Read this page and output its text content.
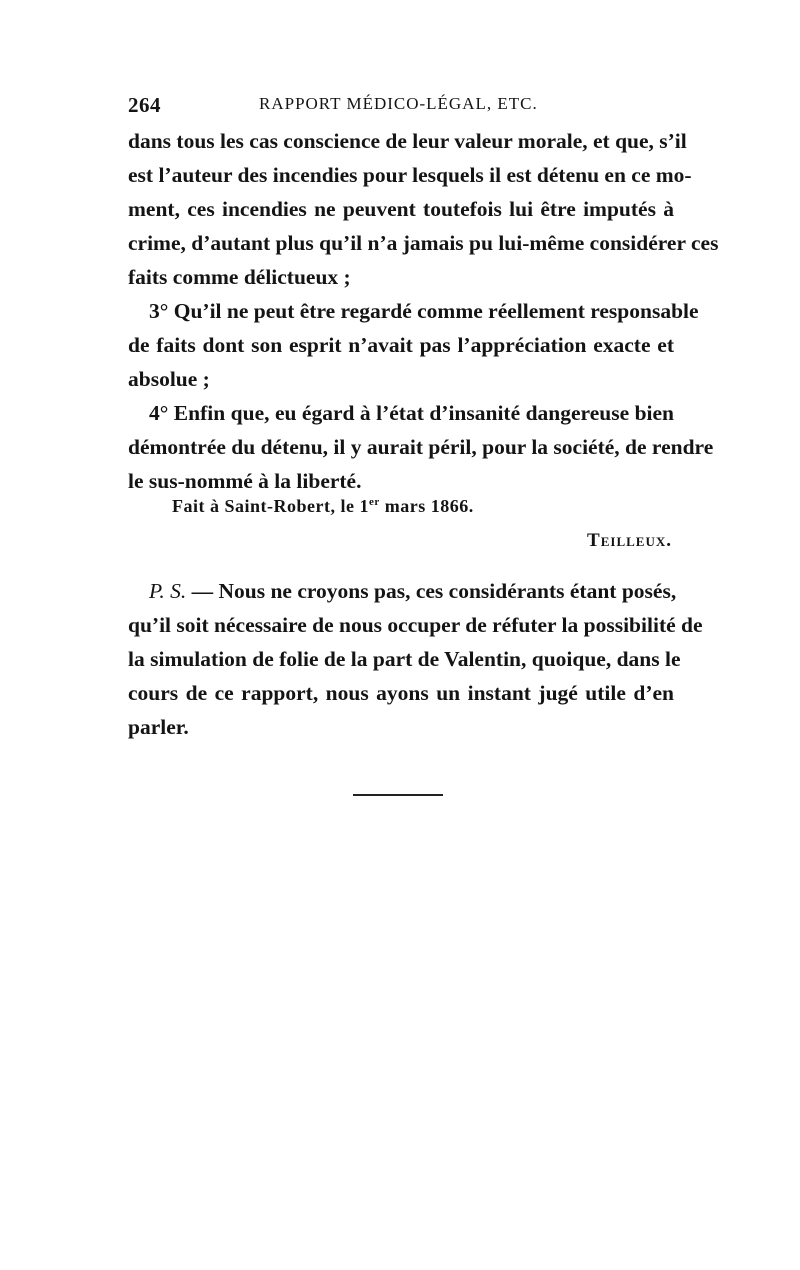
264	RAPPORT MÉDICO-LÉGAL, ETC.
dans tous les cas conscience de leur valeur morale, et que, s’il
est l’auteur des incendies pour lesquels il est détenu en ce mo-
ment, ces incendies ne peuvent toutefois lui être imputés à
crime, d’autant plus qu’il n’a jamais pu lui-même considérer ces
faits comme délictueux ;
3° Qu’il ne peut être regardé comme réellement responsable
de faits dont son esprit n’avait pas l’appréciation exacte et
absolue ;
4° Enfin que, eu égard à l’état d’insanité dangereuse bien
démontrée du détenu, il y aurait péril, pour la société, de rendre
le sus-nommé à la liberté.
Fait à Saint-Robert, le 1er mars 1866.
Teilleux.
P. S. — Nous ne croyons pas, ces considérants étant posés,
qu’il soit nécessaire de nous occuper de réfuter la possibilité de
la simulation de folie de la part de Valentin, quoique, dans le
cours de ce rapport, nous ayons un instant jugé utile d’en
parler.
